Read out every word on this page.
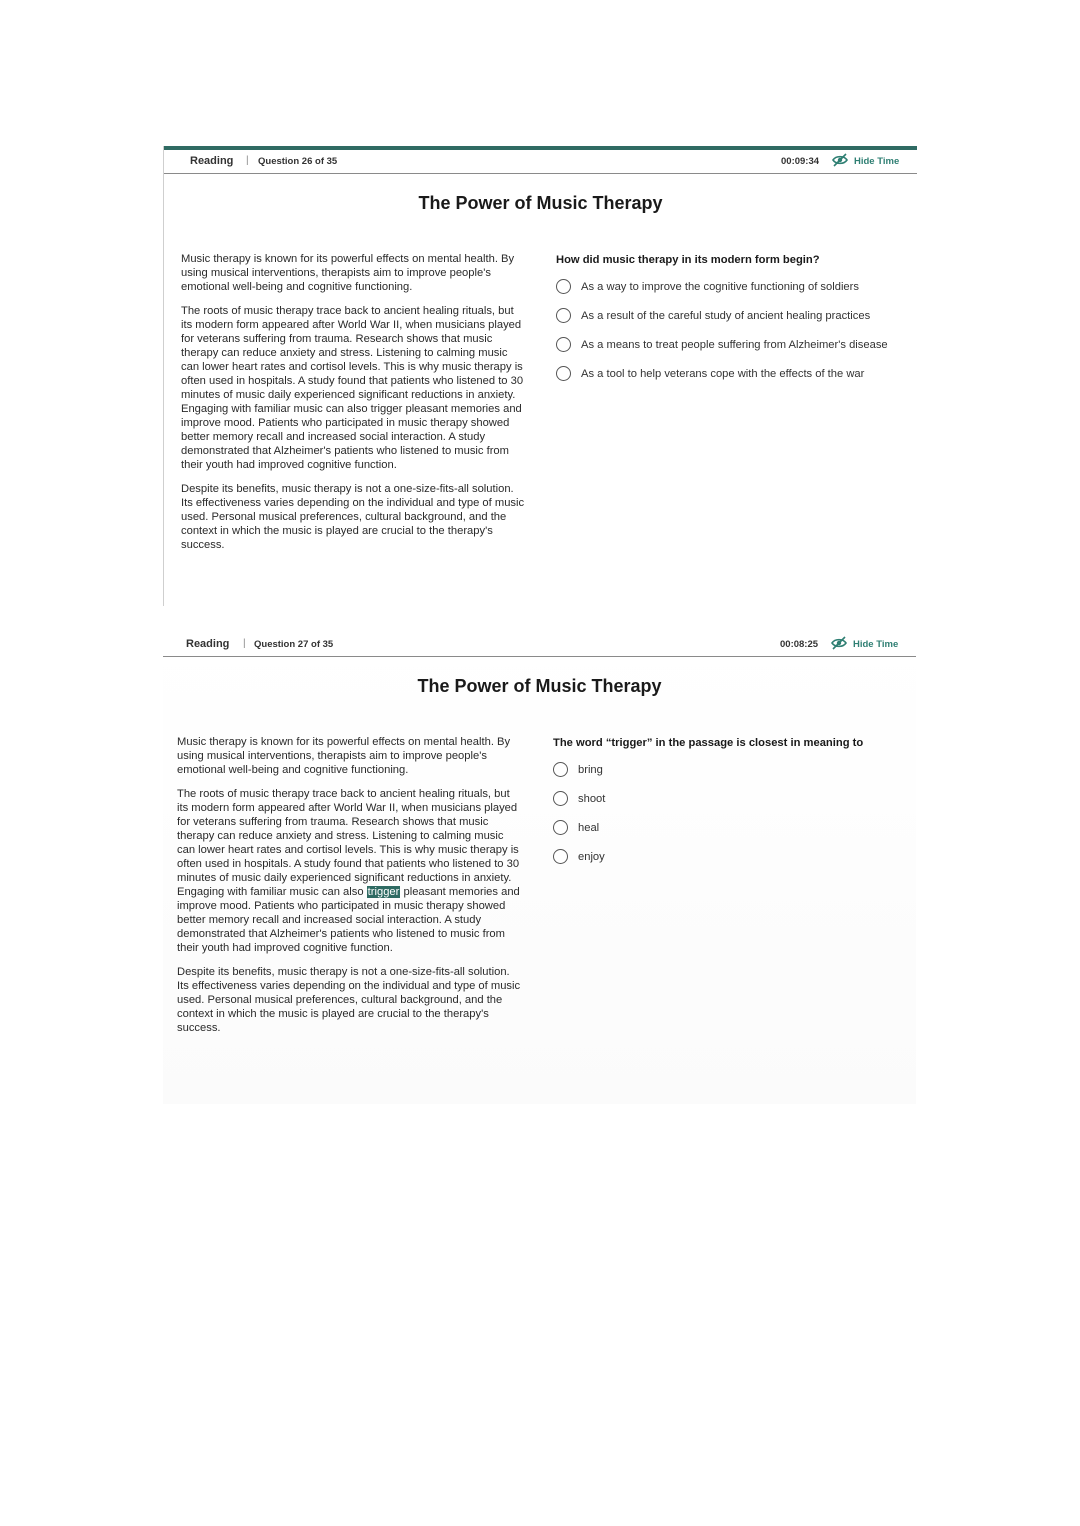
Reading | Question 26 of 35	00:09:34	Hide Time
The Power of Music Therapy

Music therapy is known for its powerful effects on mental health. By using musical interventions, therapists aim to improve people's emotional well-being and cognitive functioning.

The roots of music therapy trace back to ancient healing rituals, but its modern form appeared after World War II, when musicians played for veterans suffering from trauma. Research shows that music therapy can reduce anxiety and stress. Listening to calming music can lower heart rates and cortisol levels. This is why music therapy is often used in hospitals. A study found that patients who listened to 30 minutes of music daily experienced significant reductions in anxiety. Engaging with familiar music can also trigger pleasant memories and improve mood. Patients who participated in music therapy showed better memory recall and increased social interaction. A study demonstrated that Alzheimer's patients who listened to music from their youth had improved cognitive function.

Despite its benefits, music therapy is not a one-size-fits-all solution. Its effectiveness varies depending on the individual and type of music used. Personal musical preferences, cultural background, and the context in which the music is played are crucial to the therapy's success.

How did music therapy in its modern form begin?
As a way to improve the cognitive functioning of soldiers
As a result of the careful study of ancient healing practices
As a means to treat people suffering from Alzheimer's disease
As a tool to help veterans cope with the effects of the war
Reading | Question 27 of 35	00:08:25	Hide Time
The Power of Music Therapy

Music therapy is known for its powerful effects on mental health. By using musical interventions, therapists aim to improve people's emotional well-being and cognitive functioning.

The roots of music therapy trace back to ancient healing rituals, but its modern form appeared after World War II, when musicians played for veterans suffering from trauma. Research shows that music therapy can reduce anxiety and stress. Listening to calming music can lower heart rates and cortisol levels. This is why music therapy is often used in hospitals. A study found that patients who listened to 30 minutes of music daily experienced significant reductions in anxiety. Engaging with familiar music can also trigger pleasant memories and improve mood. Patients who participated in music therapy showed better memory recall and increased social interaction. A study demonstrated that Alzheimer's patients who listened to music from their youth had improved cognitive function.

Despite its benefits, music therapy is not a one-size-fits-all solution. Its effectiveness varies depending on the individual and type of music used. Personal musical preferences, cultural background, and the context in which the music is played are crucial to the therapy's success.

The word “trigger” in the passage is closest in meaning to
bring
shoot
heal
enjoy
